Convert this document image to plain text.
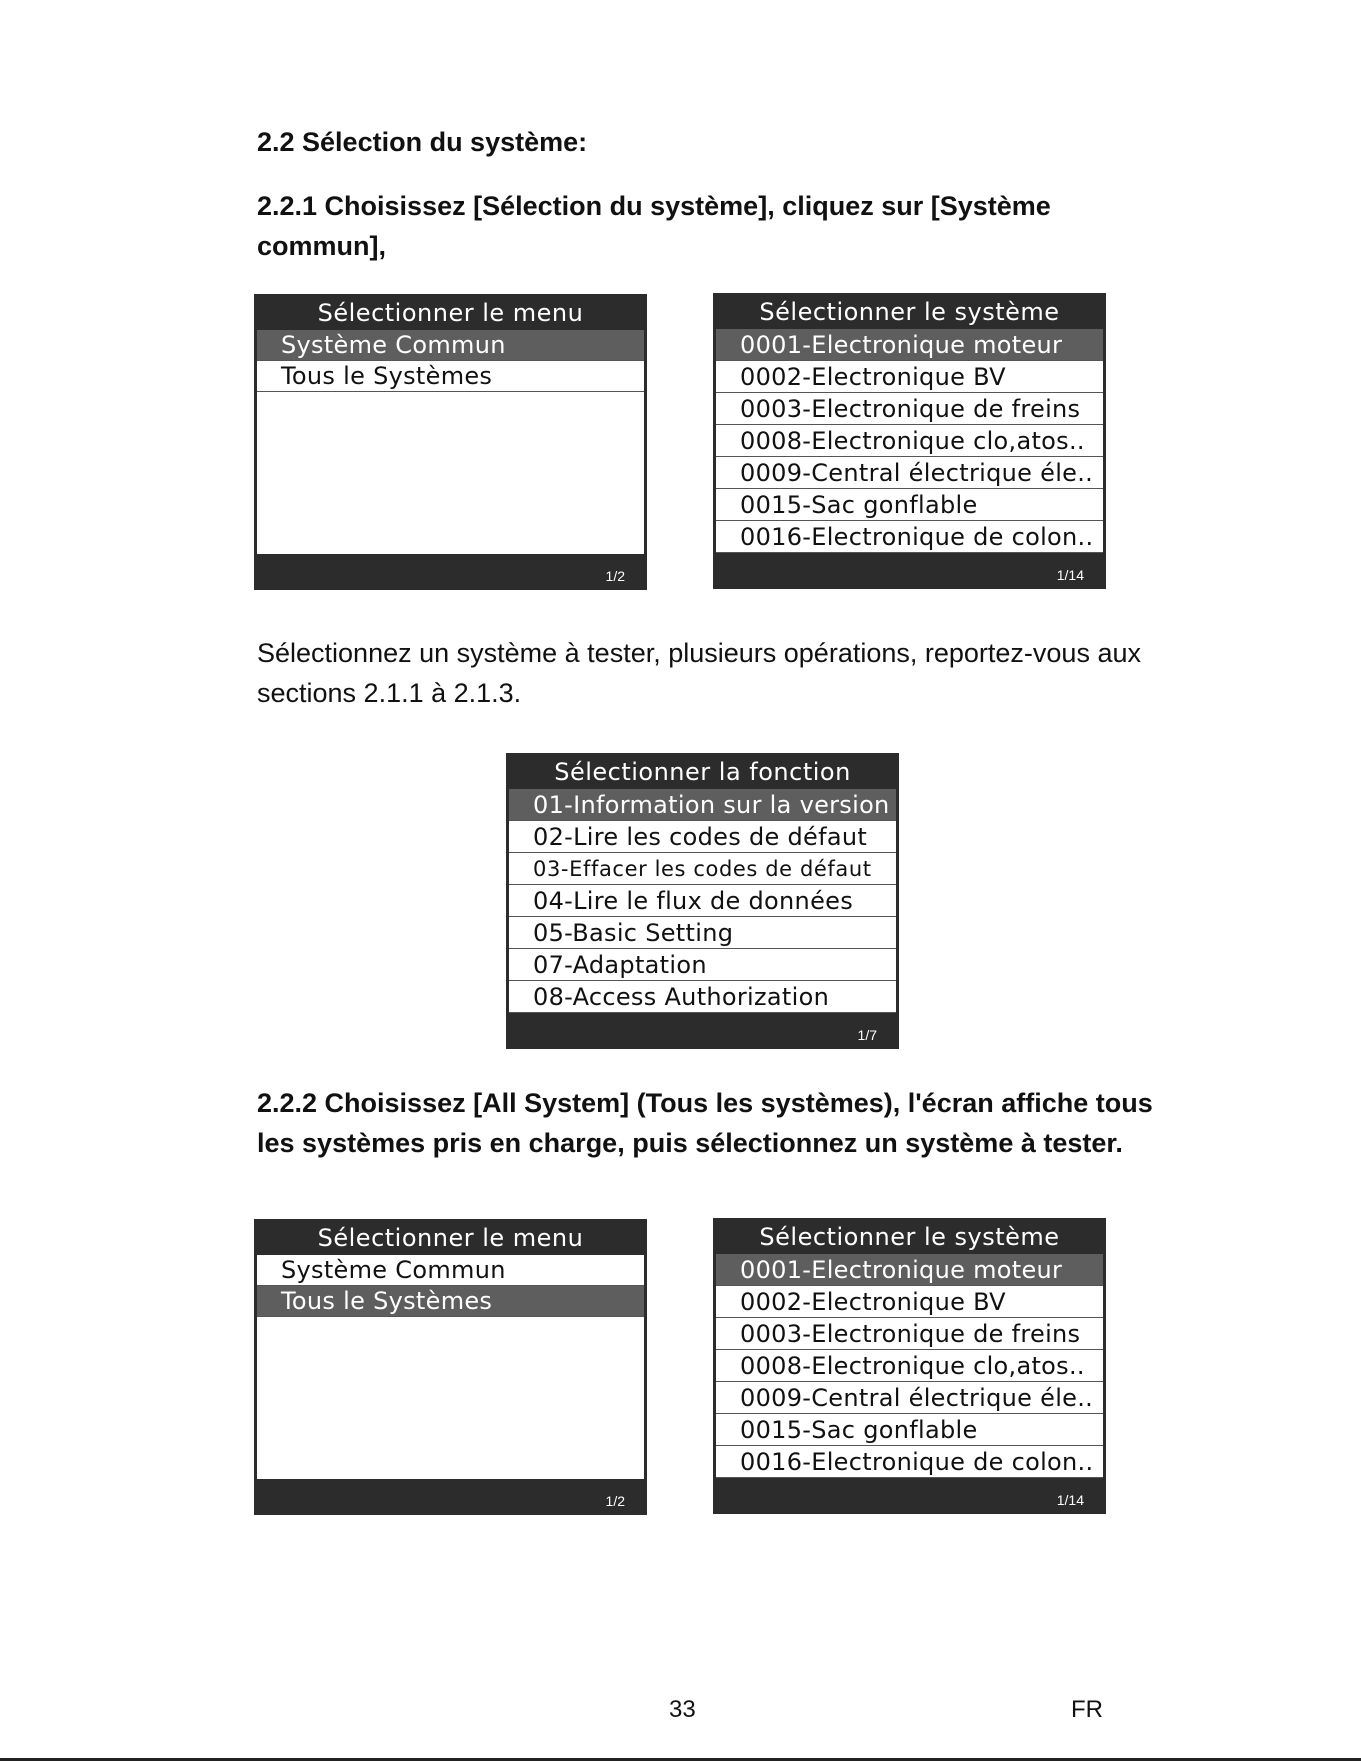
2.2 Sélection du système:
2.2.1 Choisissez [Sélection du système], cliquez sur [Système commun],
Sélectionner le menu
Système Commun
Tous le Systèmes
1/2
Sélectionner le système
0001-Electronique moteur
0002-Electronique BV
0003-Electronique de freins
0008-Electronique clo,atos..
0009-Central électrique éle..
0015-Sac gonflable
0016-Electronique de colon..
1/14

Sélectionnez un système à tester, plusieurs opérations, reportez-vous aux sections 2.1.1 à 2.1.3.

Sélectionner la fonction
01-Information sur la version
02-Lire les codes de défaut
03-Effacer les codes de défaut
04-Lire le flux de données
05-Basic Setting
07-Adaptation
08-Access Authorization
1/7
2.2.2 Choisissez [All System] (Tous les systèmes), l'écran affiche tous les systèmes pris en charge, puis sélectionnez un système à tester.
Sélectionner le menu
Système Commun
Tous le Systèmes
1/2
Sélectionner le système
0001-Electronique moteur
0002-Electronique BV
0003-Electronique de freins
0008-Electronique clo,atos..
0009-Central électrique éle..
0015-Sac gonflable
0016-Electronique de colon..
1/14
33	FR
